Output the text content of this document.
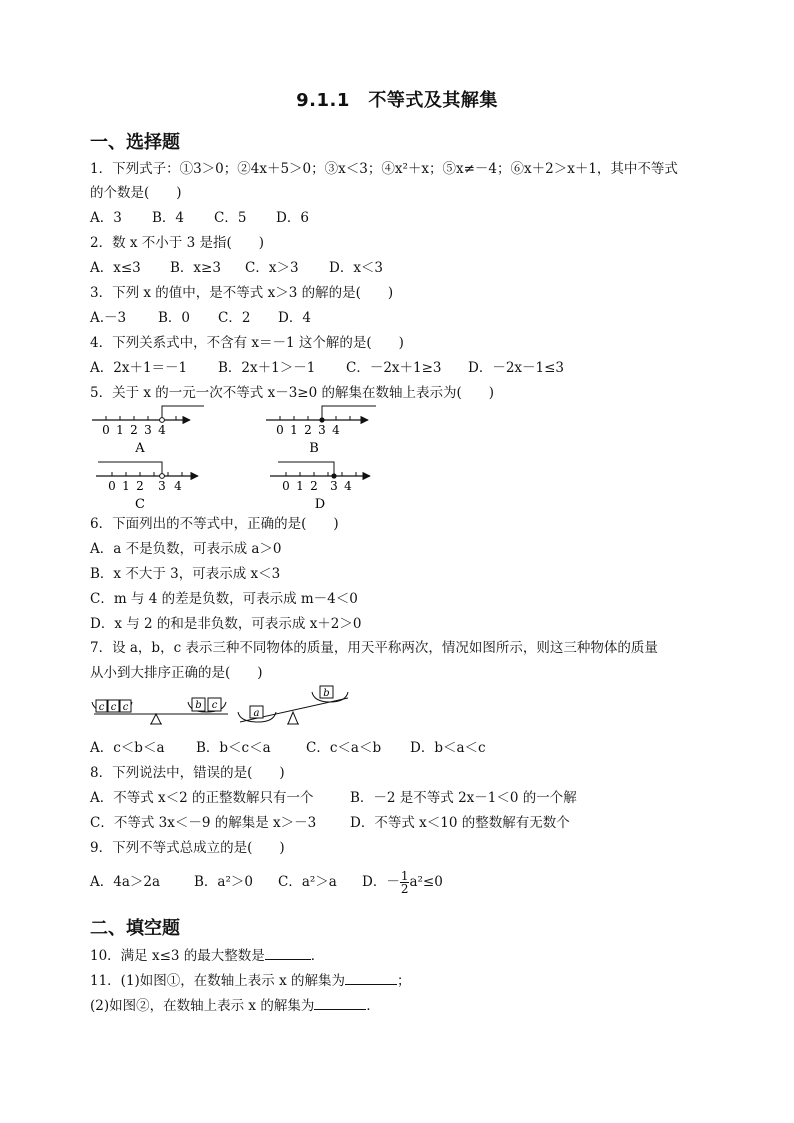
9.1.1　不等式及其解集
一、选择题
1．下列式子：①3＞0；②4x＋5＞0；③x＜3；④x²＋x；⑤x≠－4；⑥x＋2＞x＋1，其中不等式
的个数是(　　)
A．3 B．4 C．5 D．6
2．数 x 不小于 3 是指(　　)
A．x≤3 B．x≥3 C．x＞3 D．x＜3
3．下列 x 的值中，是不等式 x＞3 的解的是(　　)
A.－3 B．0 C．2 D．4
4．下列关系式中，不含有 x＝－1 这个解的是(　　)
A．2x＋1＝－1 B．2x＋1＞－1 C．－2x＋1≥3 D．－2x－1≤3
5．关于 x 的一元一次不等式 x－3≥0 的解集在数轴上表示为(　　)
0 1 2 3 4
A
0 1 2 3 4
B
0 1 2 3 4
C
0 1 2 3 4
D
6．下面列出的不等式中，正确的是(　　)
A．a 不是负数，可表示成 a＞0
B．x 不大于 3，可表示成 x＜3
C．m 与 4 的差是负数，可表示成 m－4＜0
D．x 与 2 的和是非负数，可表示成 x＋2＞0
7．设 a，b，c 表示三种不同物体的质量，用天平称两次，情况如图所示，则这三种物体的质量
从小到大排序正确的是(　　)
c c c	b c
a
b
A．c＜b＜a B．b＜c＜a	C．c＜a＜b D．b＜a＜c
8．下列说法中，错误的是(　　)
A．不等式 x＜2 的正整数解只有一个	B．－2 是不等式 2x－1＜0 的一个解
C．不等式 3x＜－9 的解集是 x＞－3	D．不等式 x＜10 的整数解有无数个
9．下列不等式总成立的是(　　)
A．4a＞2a	B．a²＞0 C．a²＞a D．－ $\frac{1}{2} a^2\le 0$
二、填空题
10．满足 x≤3 的最大整数是	．
11．(1)如图①，在数轴上表示 x 的解集为	；
(2)如图②，在数轴上表示 x 的解集为	．
